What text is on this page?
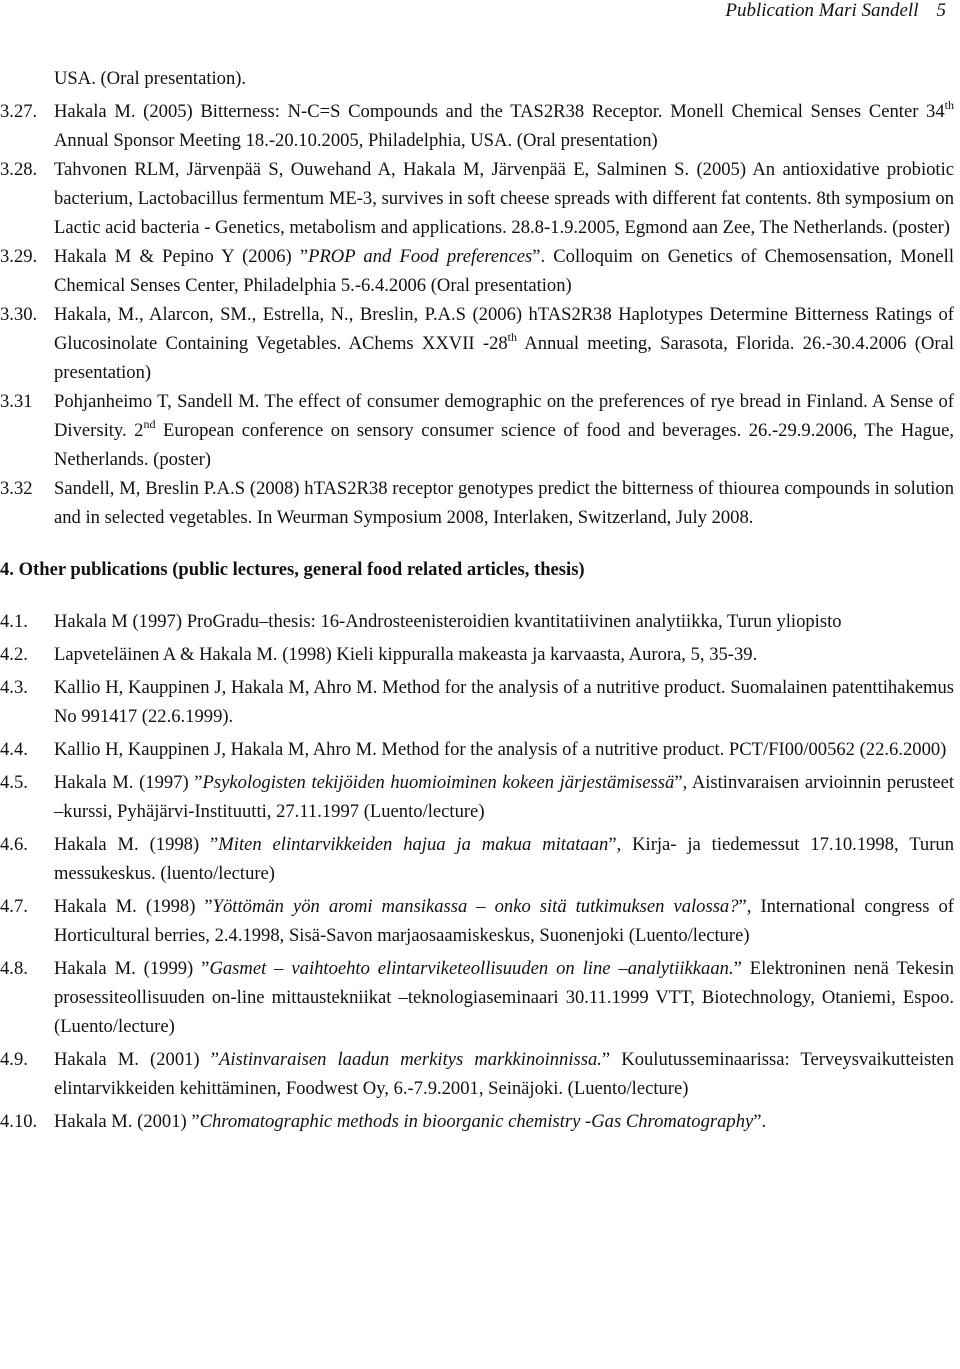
Publication Mari Sandell 5
USA. (Oral presentation).
3.27. Hakala M. (2005) Bitterness: N-C=S Compounds and the TAS2R38 Receptor. Monell Chemical Senses Center 34th Annual Sponsor Meeting 18.-20.10.2005, Philadelphia, USA. (Oral presentation)
3.28. Tahvonen RLM, Järvenpää S, Ouwehand A, Hakala M, Järvenpää E, Salminen S. (2005) An antioxidative probiotic bacterium, Lactobacillus fermentum ME-3, survives in soft cheese spreads with different fat contents. 8th symposium on Lactic acid bacteria - Genetics, metabolism and applications. 28.8-1.9.2005, Egmond aan Zee, The Netherlands. (poster)
3.29. Hakala M & Pepino Y (2006) ”PROP and Food preferences”. Colloquim on Genetics of Chemosensation, Monell Chemical Senses Center, Philadelphia 5.-6.4.2006 (Oral presentation)
3.30. Hakala, M., Alarcon, SM., Estrella, N., Breslin, P.A.S (2006) hTAS2R38 Haplotypes Determine Bitterness Ratings of Glucosinolate Containing Vegetables. AChems XXVII -28th Annual meeting, Sarasota, Florida. 26.-30.4.2006 (Oral presentation)
3.31 Pohjanheimo T, Sandell M. The effect of consumer demographic on the preferences of rye bread in Finland. A Sense of Diversity. 2nd European conference on sensory consumer science of food and beverages. 26.-29.9.2006, The Hague, Netherlands. (poster)
3.32 Sandell, M, Breslin P.A.S (2008) hTAS2R38 receptor genotypes predict the bitterness of thiourea compounds in solution and in selected vegetables. In Weurman Symposium 2008, Interlaken, Switzerland, July 2008.
4. Other publications (public lectures, general food related articles, thesis)
4.1. Hakala M (1997) ProGradu–thesis: 16-Androsteenisteroidien kvantitatiivinen analytiikka, Turun yliopisto
4.2. Lapveteläinen A & Hakala M. (1998) Kieli kippuralla makeasta ja karvaasta, Aurora, 5, 35-39.
4.3. Kallio H, Kauppinen J, Hakala M, Ahro M. Method for the analysis of a nutritive product. Suomalainen patenttihakemus No 991417 (22.6.1999).
4.4. Kallio H, Kauppinen J, Hakala M, Ahro M. Method for the analysis of a nutritive product. PCT/FI00/00562 (22.6.2000)
4.5. Hakala M. (1997) ”Psykologisten tekijöiden huomioiminen kokeen järjestämisessä”, Aistinvaraisen arvioinnin perusteet –kurssi, Pyhäjärvi-Instituutti, 27.11.1997 (Luento/lecture)
4.6. Hakala M. (1998) ”Miten elintarvikkeiden hajua ja makua mitataan”, Kirja- ja tiedemessut 17.10.1998, Turun messukeskus. (luento/lecture)
4.7. Hakala M. (1998) ”Yöttömän yön aromi mansikassa – onko sitä tutkimuksen valossa?”, International congress of Horticultural berries, 2.4.1998, Sisä-Savon marjaosaamiskeskus, Suonenjoki (Luento/lecture)
4.8. Hakala M. (1999) ”Gasmet – vaihtoehto elintarviketeollisuuden on line –analytiikkaan.” Elektroninen nenä Tekesin prosessiteollisuuden on-line mittaustekniikat –teknologiaseminaari 30.11.1999 VTT, Biotechnology, Otaniemi, Espoo. (Luento/lecture)
4.9. Hakala M. (2001) ”Aistinvaraisen laadun merkitys markkinoinnissa.” Koulutusseminaarissa: Terveysvaikutteisten elintarvikkeiden kehittäminen, Foodwest Oy, 6.-7.9.2001, Seinäjoki. (Luento/lecture)
4.10. Hakala M. (2001) ”Chromatographic methods in bioorganic chemistry -Gas Chromatography”.
